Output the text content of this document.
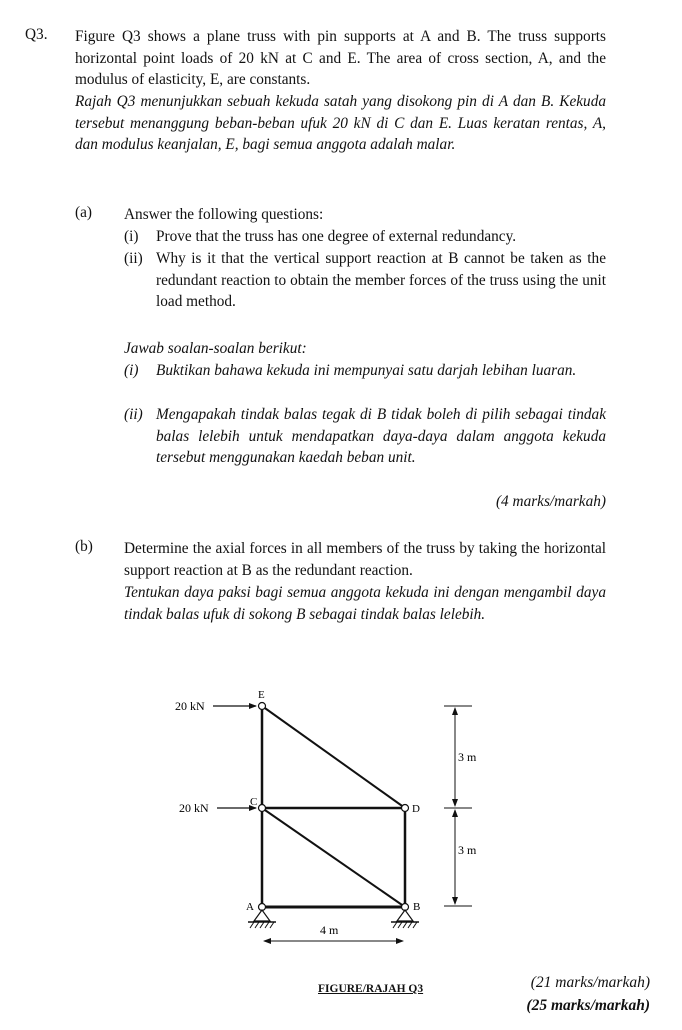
Q3. Figure Q3 shows a plane truss with pin supports at A and B. The truss supports horizontal point loads of 20 kN at C and E. The area of cross section, A, and the modulus of elasticity, E, are constants.

Rajah Q3 menunjukkan sebuah kekuda satah yang disokong pin di A dan B. Kekuda tersebut menanggung beban-beban ufuk 20 kN di C dan E. Luas keratan rentas, A, dan modulus keanjalan, E, bagi semua anggota adalah malar.

(a) Answer the following questions:
(i) Prove that the truss has one degree of external redundancy.
(ii) Why is it that the vertical support reaction at B cannot be taken as the redundant reaction to obtain the member forces of the truss using the unit load method.
Jawab soalan-soalan berikut:
(i) Buktikan bahawa kekuda ini mempunyai satu darjah lebihan luaran.
(ii) Mengapakah tindak balas tegak di B tidak boleh di pilih sebagai tindak balas lelebih untuk mendapatkan daya-daya dalam anggota kekuda tersebut menggunakan kaedah beban unit.
(4 marks/markah)
(b) Determine the axial forces in all members of the truss by taking the horizontal support reaction at B as the redundant reaction.
Tentukan daya paksi bagi semua anggota kekuda ini dengan mengambil daya tindak balas ufuk di sokong B sebagai tindak balas lelebih.
20 kN
20 kN
E
C
D
A	B
3 m
3 m
4 m
FIGURE/RAJAH Q3	(21 marks/markah)
(25 marks/markah)
